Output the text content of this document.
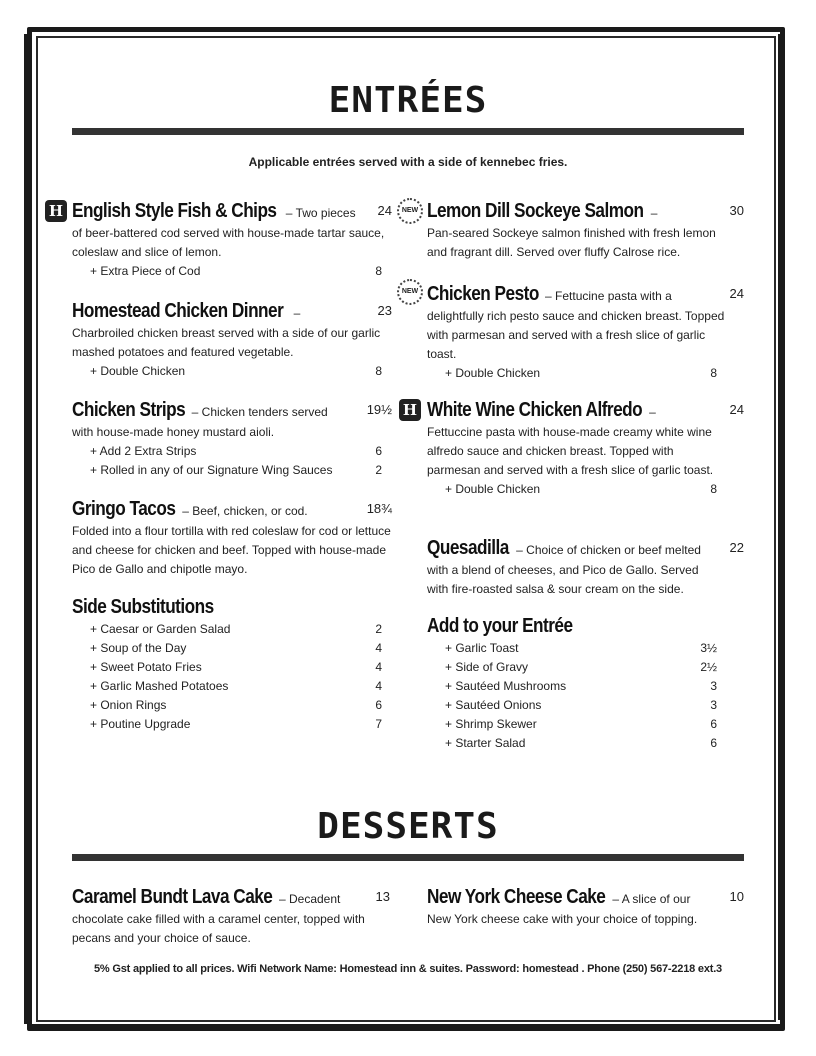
ENTRÉES
Applicable entrées served with a side of kennebec fries.
H English Style Fish & Chips – Two pieces 24
of beer-battered cod served with house-made tartar sauce, coleslaw and slice of lemon.
+ Extra Piece of Cod	8
Homestead Chicken Dinner –	23
Charbroiled chicken breast served with a side of our garlic mashed potatoes and featured vegetable.
+ Double Chicken	8
Chicken Strips – Chicken tenders served	19½
with house-made honey mustard aioli.
+ Add 2 Extra Strips	6
+ Rolled in any of our Signature Wing Sauces	2
Gringo Tacos – Beef, chicken, or cod.	18¾
Folded into a flour tortilla with red coleslaw for cod or lettuce and cheese for chicken and beef. Topped with house-made Pico de Gallo and chipotle mayo.
Side Substitutions
+ Caesar or Garden Salad	2
+ Soup of the Day	4
+ Sweet Potato Fries	4
+ Garlic Mashed Potatoes	4
+ Onion Rings	6
+ Poutine Upgrade	7
NEW Lemon Dill Sockeye Salmon –	30
Pan-seared Sockeye salmon finished with fresh lemon and fragrant dill. Served over fluffy Calrose rice.
NEW Chicken Pesto – Fettucine pasta with a	24
delightfully rich pesto sauce and chicken breast. Topped with parmesan and served with a fresh slice of garlic toast.
+ Double Chicken	8
H White Wine Chicken Alfredo –	24
Fettuccine pasta with house-made creamy white wine alfredo sauce and chicken breast. Topped with parmesan and served with a fresh slice of garlic toast.
+ Double Chicken	8
Quesadilla – Choice of chicken or beef melted 22
with a blend of cheeses, and Pico de Gallo. Served with fire-roasted salsa & sour cream on the side.
Add to your Entrée
+ Garlic Toast	3½
+ Side of Gravy	2½
+ Sautéed Mushrooms	3
+ Sautéed Onions	3
+ Shrimp Skewer	6
+ Starter Salad	6
DESSERTS
Caramel Bundt Lava Cake – Decadent	13
chocolate cake filled with a caramel center, topped with pecans and your choice of sauce.
New York Cheese Cake – A slice of our	10
New York cheese cake with your choice of topping.
5% Gst applied to all prices. Wifi Network Name: Homestead inn & suites. Password: homestead . Phone (250) 567-2218 ext.3
